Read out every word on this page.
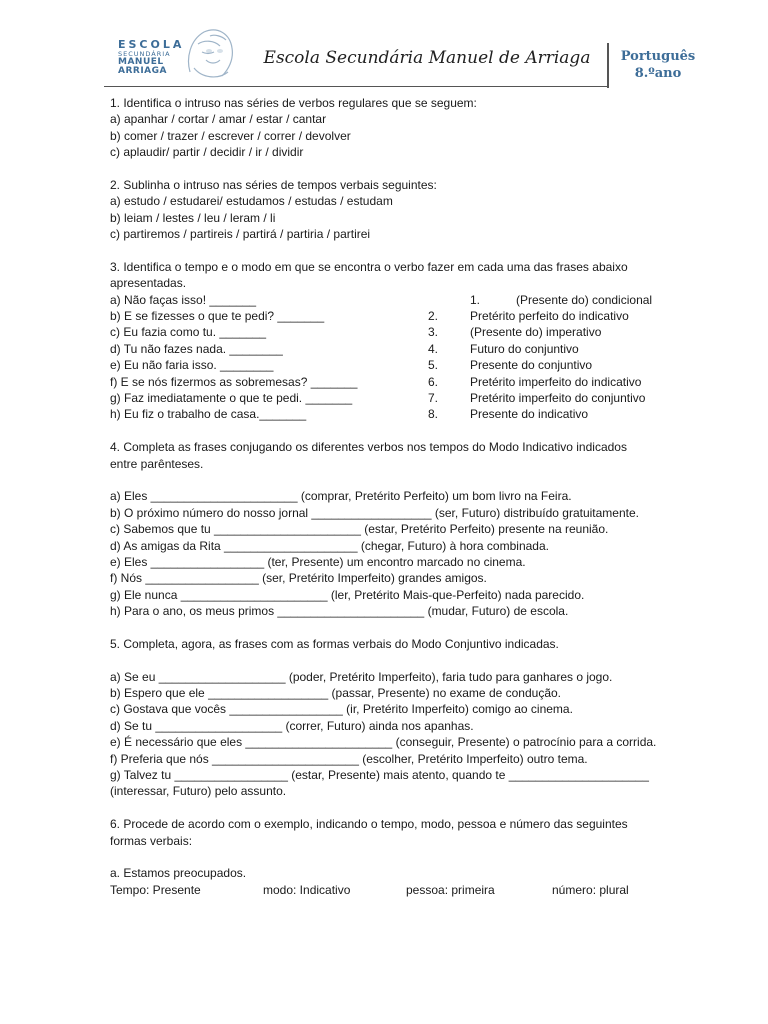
ESCOLA
SECUNDÁRIA
MANUEL
ARRIAGA
Escola Secundária Manuel de Arriaga	Português
8.ºano
1. Identifica o intruso nas séries de verbos regulares que se seguem:
a) apanhar / cortar / amar / estar / cantar
b) comer / trazer / escrever / correr / devolver
c) aplaudir/ partir / decidir / ir / dividir
2. Sublinha o intruso nas séries de tempos verbais seguintes:
a) estudo / estudarei/ estudamos / estudas / estudam
b) leiam / lestes / leu / leram / li
c) partiremos / partireis / partirá / partiria / partirei
3. Identifica o tempo e o modo em que se encontra o verbo fazer em cada uma das frases abaixo
apresentadas.
a) Não faças isso! _______	1.	(Presente do) condicional
b) E se fizesses o que te pedi? _______	2.	Pretérito perfeito do indicativo
c) Eu fazia como tu. _______	3.	(Presente do) imperativo
d) Tu não fazes nada. ________	4.	Futuro do conjuntivo
e) Eu não faria isso. ________	5.	Presente do conjuntivo
f) E se nós fizermos as sobremesas? _______	6.	Pretérito imperfeito do indicativo
g) Faz imediatamente o que te pedi. _______	7.	Pretérito imperfeito do conjuntivo
h) Eu fiz o trabalho de casa._______	8.	Presente do indicativo
4. Completa as frases conjugando os diferentes verbos nos tempos do Modo Indicativo indicados
entre parênteses.
a) Eles ______________________ (comprar, Pretérito Perfeito) um bom livro na Feira.
b) O próximo número do nosso jornal __________________ (ser, Futuro) distribuído gratuitamente.
c) Sabemos que tu ______________________ (estar, Pretérito Perfeito) presente na reunião.
d) As amigas da Rita ____________________ (chegar, Futuro) à hora combinada.
e) Eles _________________ (ter, Presente) um encontro marcado no cinema.
f) Nós _________________ (ser, Pretérito Imperfeito) grandes amigos.
g) Ele nunca ______________________ (ler, Pretérito Mais-que-Perfeito) nada parecido.
h) Para o ano, os meus primos ______________________ (mudar, Futuro) de escola.
5. Completa, agora, as frases com as formas verbais do Modo Conjuntivo indicadas.
a) Se eu ___________________ (poder, Pretérito Imperfeito), faria tudo para ganhares o jogo.
b) Espero que ele __________________ (passar, Presente) no exame de condução.
c) Gostava que vocês _________________ (ir, Pretérito Imperfeito) comigo ao cinema.
d) Se tu ___________________ (correr, Futuro) ainda nos apanhas.
e) É necessário que eles ______________________ (conseguir, Presente) o patrocínio para a corrida.
f) Preferia que nós ______________________ (escolher, Pretérito Imperfeito) outro tema.
g) Talvez tu _________________ (estar, Presente) mais atento, quando te _____________________
(interessar, Futuro) pelo assunto.
6. Procede de acordo com o exemplo, indicando o tempo, modo, pessoa e número das seguintes
formas verbais:
a. Estamos preocupados.
Tempo: Presente	modo: Indicativo	pessoa: primeira	número: plural
